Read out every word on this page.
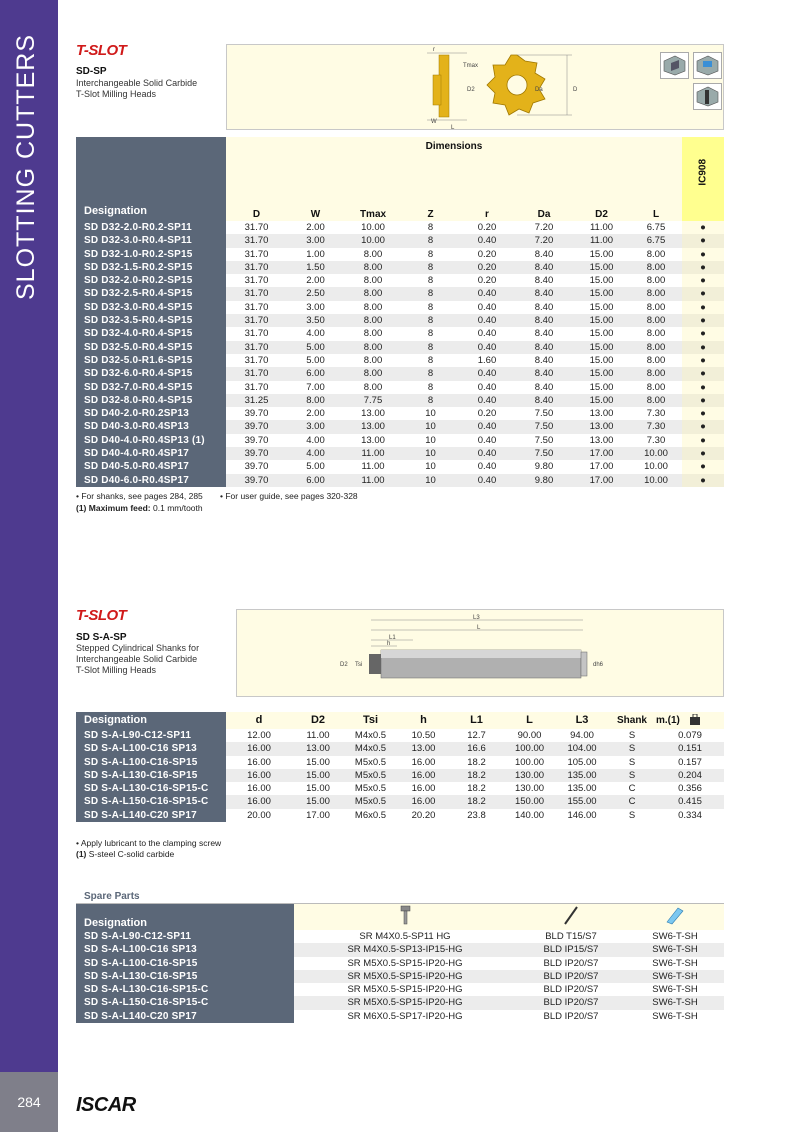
SLOTTING CUTTERS
284	ISCAR
T-SLOT
SD-SP
Interchangeable Solid Carbide
T-Slot Milling Heads
r
Tmax
D2
W
L
Da	D
Designation	Dimensions								IC908

	D	W	Tmax	Z	r	Da	D2	L	
SD D32-2.0-R0.2-SP11	31.70	2.00	10.00	8	0.20	7.20	11.00	6.75	●
SD D32-3.0-R0.4-SP11	31.70	3.00	10.00	8	0.40	7.20	11.00	6.75	●
SD D32-1.0-R0.2-SP15	31.70	1.00	8.00	8	0.20	8.40	15.00	8.00	●
SD D32-1.5-R0.2-SP15	31.70	1.50	8.00	8	0.20	8.40	15.00	8.00	●
SD D32-2.0-R0.2-SP15	31.70	2.00	8.00	8	0.20	8.40	15.00	8.00	●
SD D32-2.5-R0.4-SP15	31.70	2.50	8.00	8	0.40	8.40	15.00	8.00	●
SD D32-3.0-R0.4-SP15	31.70	3.00	8.00	8	0.40	8.40	15.00	8.00	●
SD D32-3.5-R0.4-SP15	31.70	3.50	8.00	8	0.40	8.40	15.00	8.00	●
SD D32-4.0-R0.4-SP15	31.70	4.00	8.00	8	0.40	8.40	15.00	8.00	●
SD D32-5.0-R0.4-SP15	31.70	5.00	8.00	8	0.40	8.40	15.00	8.00	●
SD D32-5.0-R1.6-SP15	31.70	5.00	8.00	8	1.60	8.40	15.00	8.00	●
SD D32-6.0-R0.4-SP15	31.70	6.00	8.00	8	0.40	8.40	15.00	8.00	●
SD D32-7.0-R0.4-SP15	31.70	7.00	8.00	8	0.40	8.40	15.00	8.00	●
SD D32-8.0-R0.4-SP15	31.25	8.00	7.75	8	0.40	8.40	15.00	8.00	●
SD D40-2.0-R0.2SP13	39.70	2.00	13.00	10	0.20	7.50	13.00	7.30	●
SD D40-3.0-R0.4SP13	39.70	3.00	13.00	10	0.40	7.50	13.00	7.30	●
SD D40-4.0-R0.4SP13 (1)	39.70	4.00	13.00	10	0.40	7.50	13.00	7.30	●
SD D40-4.0-R0.4SP17	39.70	4.00	11.00	10	0.40	7.50	17.00	10.00	●
SD D40-5.0-R0.4SP17	39.70	5.00	11.00	10	0.40	9.80	17.00	10.00	●
SD D40-6.0-R0.4SP17	39.70	6.00	11.00	10	0.40	9.80	17.00	10.00	●
• For shanks, see pages 284, 285 • For user guide, see pages 320-328
(1) Maximum feed: 0.1 mm/tooth
T-SLOT
SD S-A-SP
Stepped Cylindrical Shanks for
Interchangeable Solid Carbide
T-Slot Milling Heads
L3
L
L1
h
D2 Tsi	dh6
Designation	d	D2	Tsi	h	L1	L	L3	Shank	m.(1)
SD S-A-L90-C12-SP11	12.00	11.00	M4x0.5	10.50	12.7	90.00	94.00	S	0.079
SD S-A-L100-C16 SP13	16.00	13.00	M4x0.5	13.00	16.6	100.00	104.00	S	0.151
SD S-A-L100-C16-SP15	16.00	15.00	M5x0.5	16.00	18.2	100.00	105.00	S	0.157
SD S-A-L130-C16-SP15	16.00	15.00	M5x0.5	16.00	18.2	130.00	135.00	S	0.204
SD S-A-L130-C16-SP15-C	16.00	15.00	M5x0.5	16.00	18.2	130.00	135.00	C	0.356
SD S-A-L150-C16-SP15-C	16.00	15.00	M5x0.5	16.00	18.2	150.00	155.00	C	0.415
SD S-A-L140-C20 SP17	20.00	17.00	M6x0.5	20.20	23.8	140.00	146.00	S	0.334
• Apply lubricant to the clamping screw
(1) S-steel C-solid carbide
Spare Parts
Designation			
SD S-A-L90-C12-SP11	SR M4X0.5-SP11 HG	BLD T15/S7	SW6-T-SH
SD S-A-L100-C16 SP13	SR M4X0.5-SP13-IP15-HG	BLD IP15/S7	SW6-T-SH
SD S-A-L100-C16-SP15	SR M5X0.5-SP15-IP20-HG	BLD IP20/S7	SW6-T-SH
SD S-A-L130-C16-SP15	SR M5X0.5-SP15-IP20-HG	BLD IP20/S7	SW6-T-SH
SD S-A-L130-C16-SP15-C	SR M5X0.5-SP15-IP20-HG	BLD IP20/S7	SW6-T-SH
SD S-A-L150-C16-SP15-C	SR M5X0.5-SP15-IP20-HG	BLD IP20/S7	SW6-T-SH
SD S-A-L140-C20 SP17	SR M6X0.5-SP17-IP20-HG	BLD IP20/S7	SW6-T-SH
